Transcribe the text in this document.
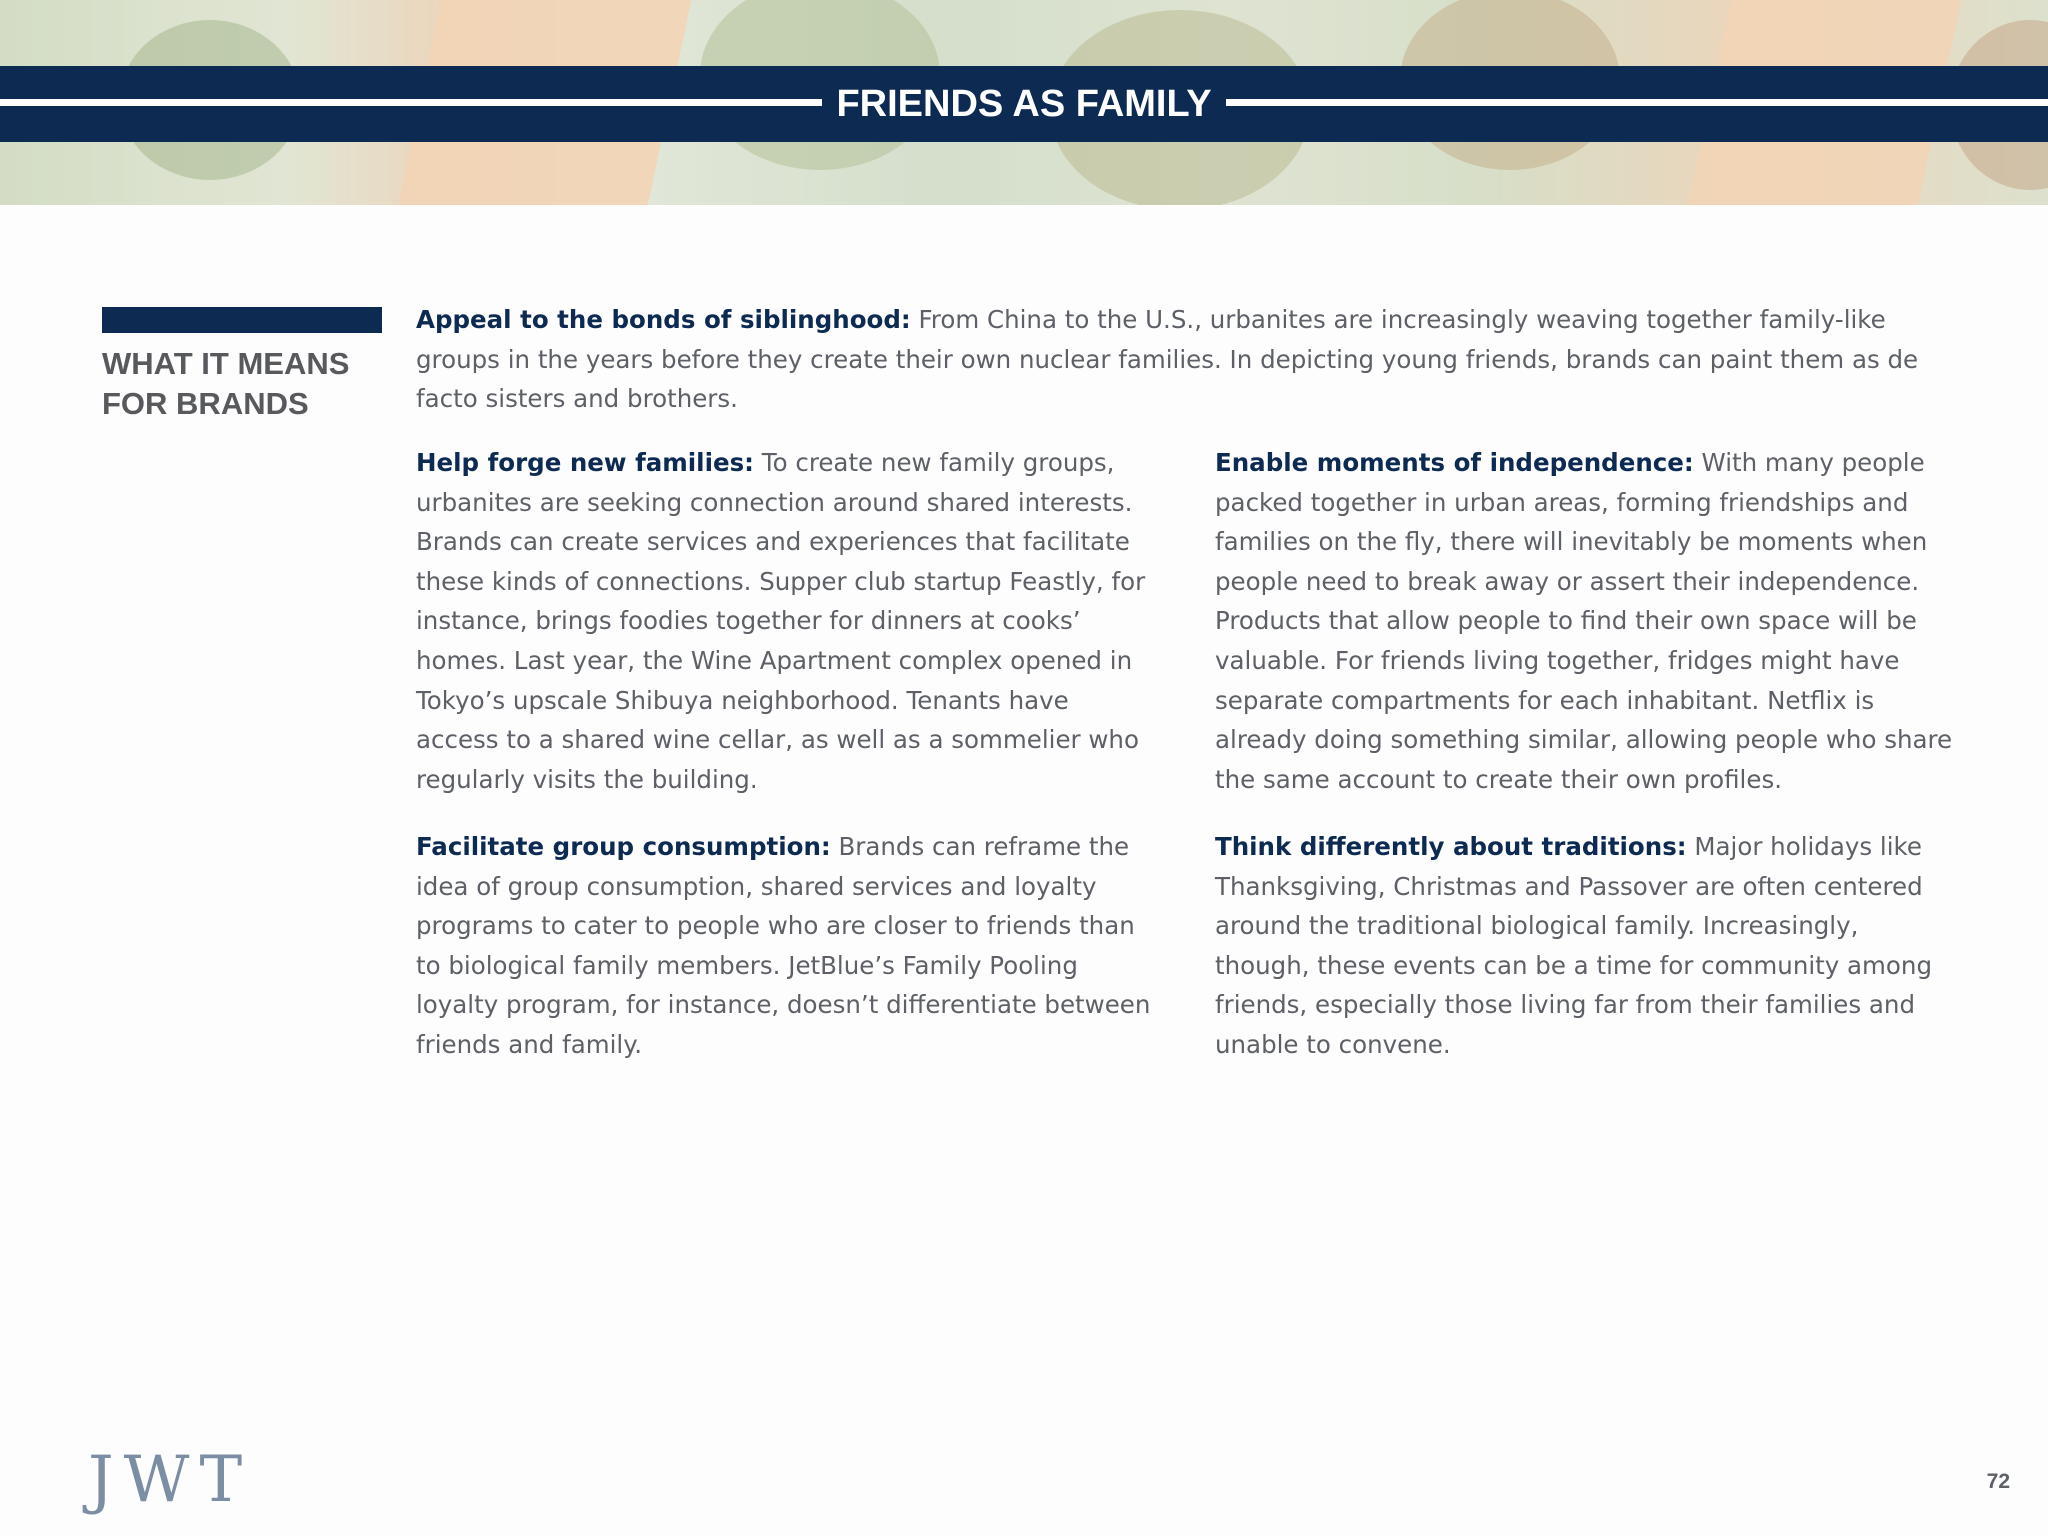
FRIENDS AS FAMILY
WHAT IT MEANS
FOR BRANDS

Appeal to the bonds of siblinghood: From China to the U.S., urbanites are increasingly weaving together family-like groups in the years before they create their own nuclear families. In depicting young friends, brands can paint them as de facto sisters and brothers.

Help forge new families: To create new family groups, urbanites are seeking connection around shared interests. Brands can create services and experiences that facilitate these kinds of connections. Supper club startup Feastly, for instance, brings foodies together for dinners at cooks’ homes. Last year, the Wine Apartment complex opened in Tokyo’s upscale Shibuya neighborhood. Tenants have access to a shared wine cellar, as well as a sommelier who regularly visits the building.

Enable moments of independence: With many people packed together in urban areas, forming friendships and families on the fly, there will inevitably be moments when people need to break away or assert their independence. Products that allow people to find their own space will be valuable. For friends living together, fridges might have separate compartments for each inhabitant. Netflix is already doing something similar, allowing people who share the same account to create their own profiles.

Facilitate group consumption: Brands can reframe the idea of group consumption, shared services and loyalty programs to cater to people who are closer to friends than to biological family members. JetBlue’s Family Pooling loyalty program, for instance, doesn’t differentiate between friends and family.

Think differently about traditions: Major holidays like Thanksgiving, Christmas and Passover are often centered around the traditional biological family. Increasingly, though, these events can be a time for community among friends, especially those living far from their families and unable to convene.

JWT	72
